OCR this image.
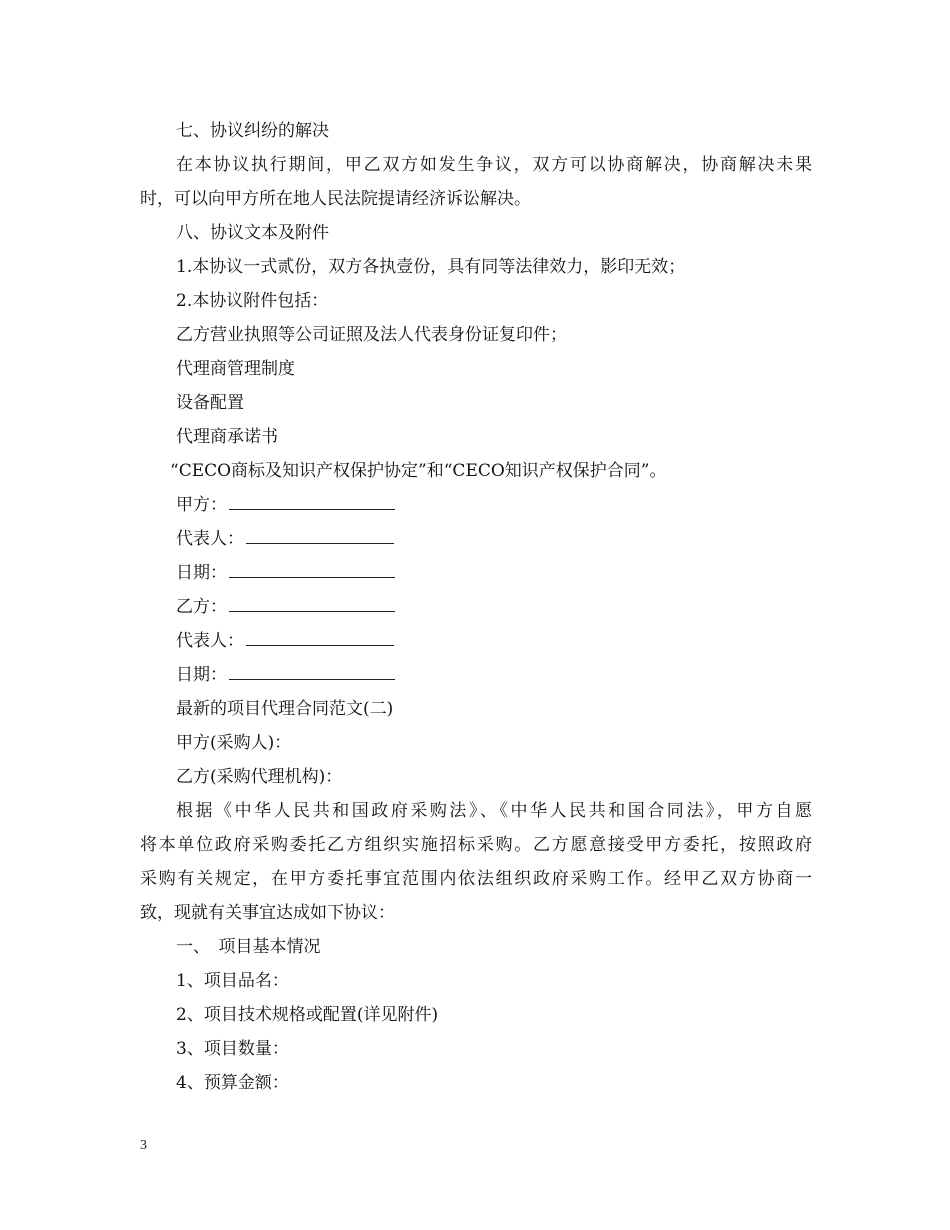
七、协议纠纷的解决
在本协议执行期间，甲乙双方如发生争议，双方可以协商解决，协商解决未果
时，可以向甲方所在地人民法院提请经济诉讼解决。
八、协议文本及附件
1.本协议一式贰份，双方各执壹份，具有同等法律效力，影印无效；
2.本协议附件包括：
乙方营业执照等公司证照及法人代表身份证复印件；
代理商管理制度
设备配置
代理商承诺书
“CECO商标及知识产权保护协定”和“CECO知识产权保护合同”。
甲方：
代表人：
日期：
乙方：
代表人：
日期：
最新的项目代理合同范文(二)
甲方(采购人)：
乙方(采购代理机构)：
根据《中华人民共和国政府采购法》、《中华人民共和国合同法》，甲方自愿
将本单位政府采购委托乙方组织实施招标采购。乙方愿意接受甲方委托，按照政府
采购有关规定，在甲方委托事宜范围内依法组织政府采购工作。经甲乙双方协商一
致，现就有关事宜达成如下协议：
一、　项目基本情况
1、项目品名：
2、项目技术规格或配置(详见附件)
3、项目数量：
4、预算金额：
3
